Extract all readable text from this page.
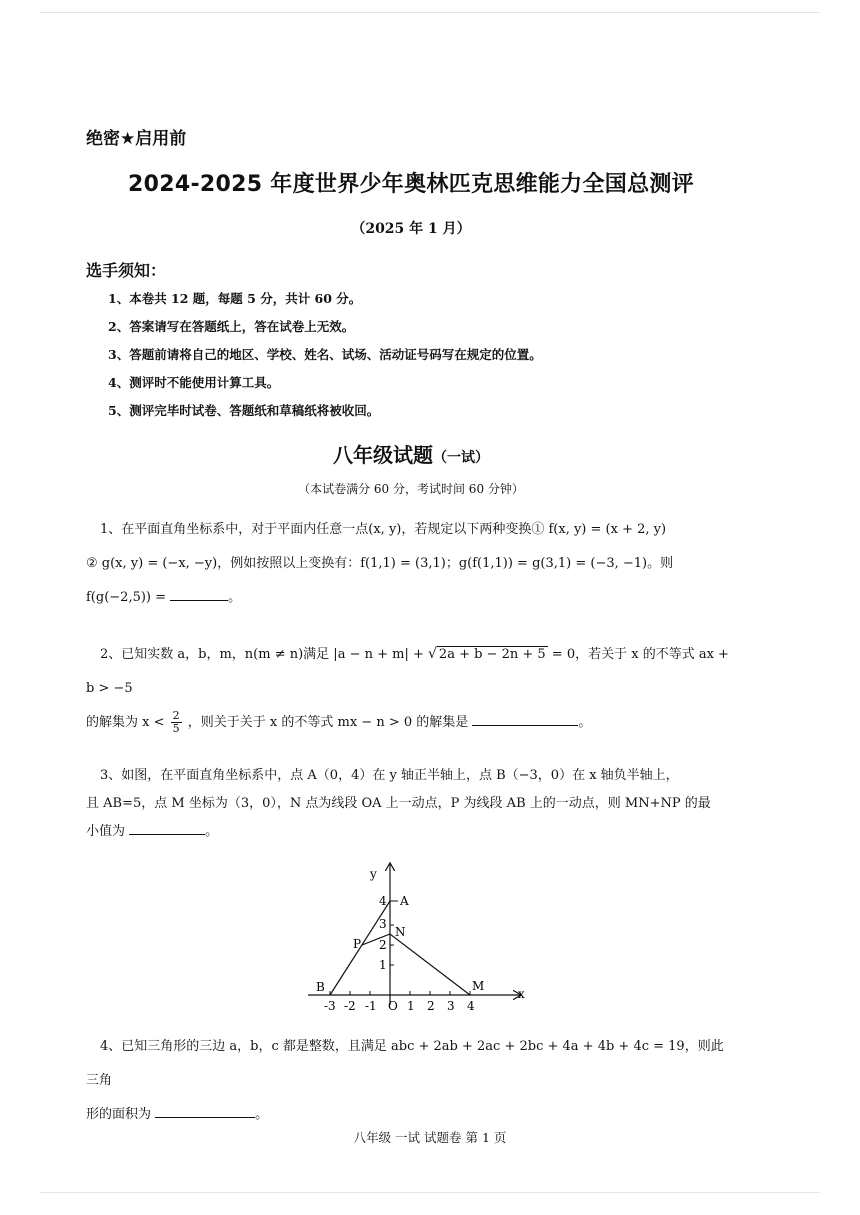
绝密★启用前

2024-2025 年度世界少年奥林匹克思维能力全国总测评

（2025 年 1 月）

选手须知：

1、本卷共 12 题，每题 5 分，共计 60 分。

2、答案请写在答题纸上，答在试卷上无效。

3、答题前请将自己的地区、学校、姓名、试场、活动证号码写在规定的位置。

4、测评时不能使用计算工具。

5、测评完毕时试卷、答题纸和草稿纸将被收回。

八年级试题（一试）

（本试卷满分 60 分，考试时间 60 分钟）

1、在平面直角坐标系中，对于平面内任意一点(x, y)，若规定以下两种变换① f(x, y) = (x + 2, y)

② g(x, y) = (−x, −y)，例如按照以上变换有：f(1,1) = (3,1)；g(f(1,1)) = g(3,1) = (−3, −1)。则

f(g(−2,5)) =	。

2、已知实数 a，b，m，n(m ≠ n)满足 |a − n + m| + √ 2a + b − 2n + 5 = 0，若关于 x 的不等式 ax + b > −5

的解集为 $x < \frac{2}{5}$ ，则关于关于 x 的不等式 mx − n > 0 的解集是	。

3、如图，在平面直角坐标系中，点 A（0，4）在 y 轴正半轴上，点 B（−3，0）在 x 轴负半轴上，

且 AB=5，点 M 坐标为（3，0），N 点为线段 OA 上一动点，P 为线段 AB 上的一动点，则 MN+NP 的最

小值为	。

x
y
O
-3 -2 -1	1 2 3 4
1
2
3
4 A
B	M
N
P

4、已知三角形的三边 a，b，c 都是整数，且满足 abc + 2ab + 2ac + 2bc + 4a + 4b + 4c = 19，则此三角

形的面积为	。

八年级 一试 试题卷 第 1 页
